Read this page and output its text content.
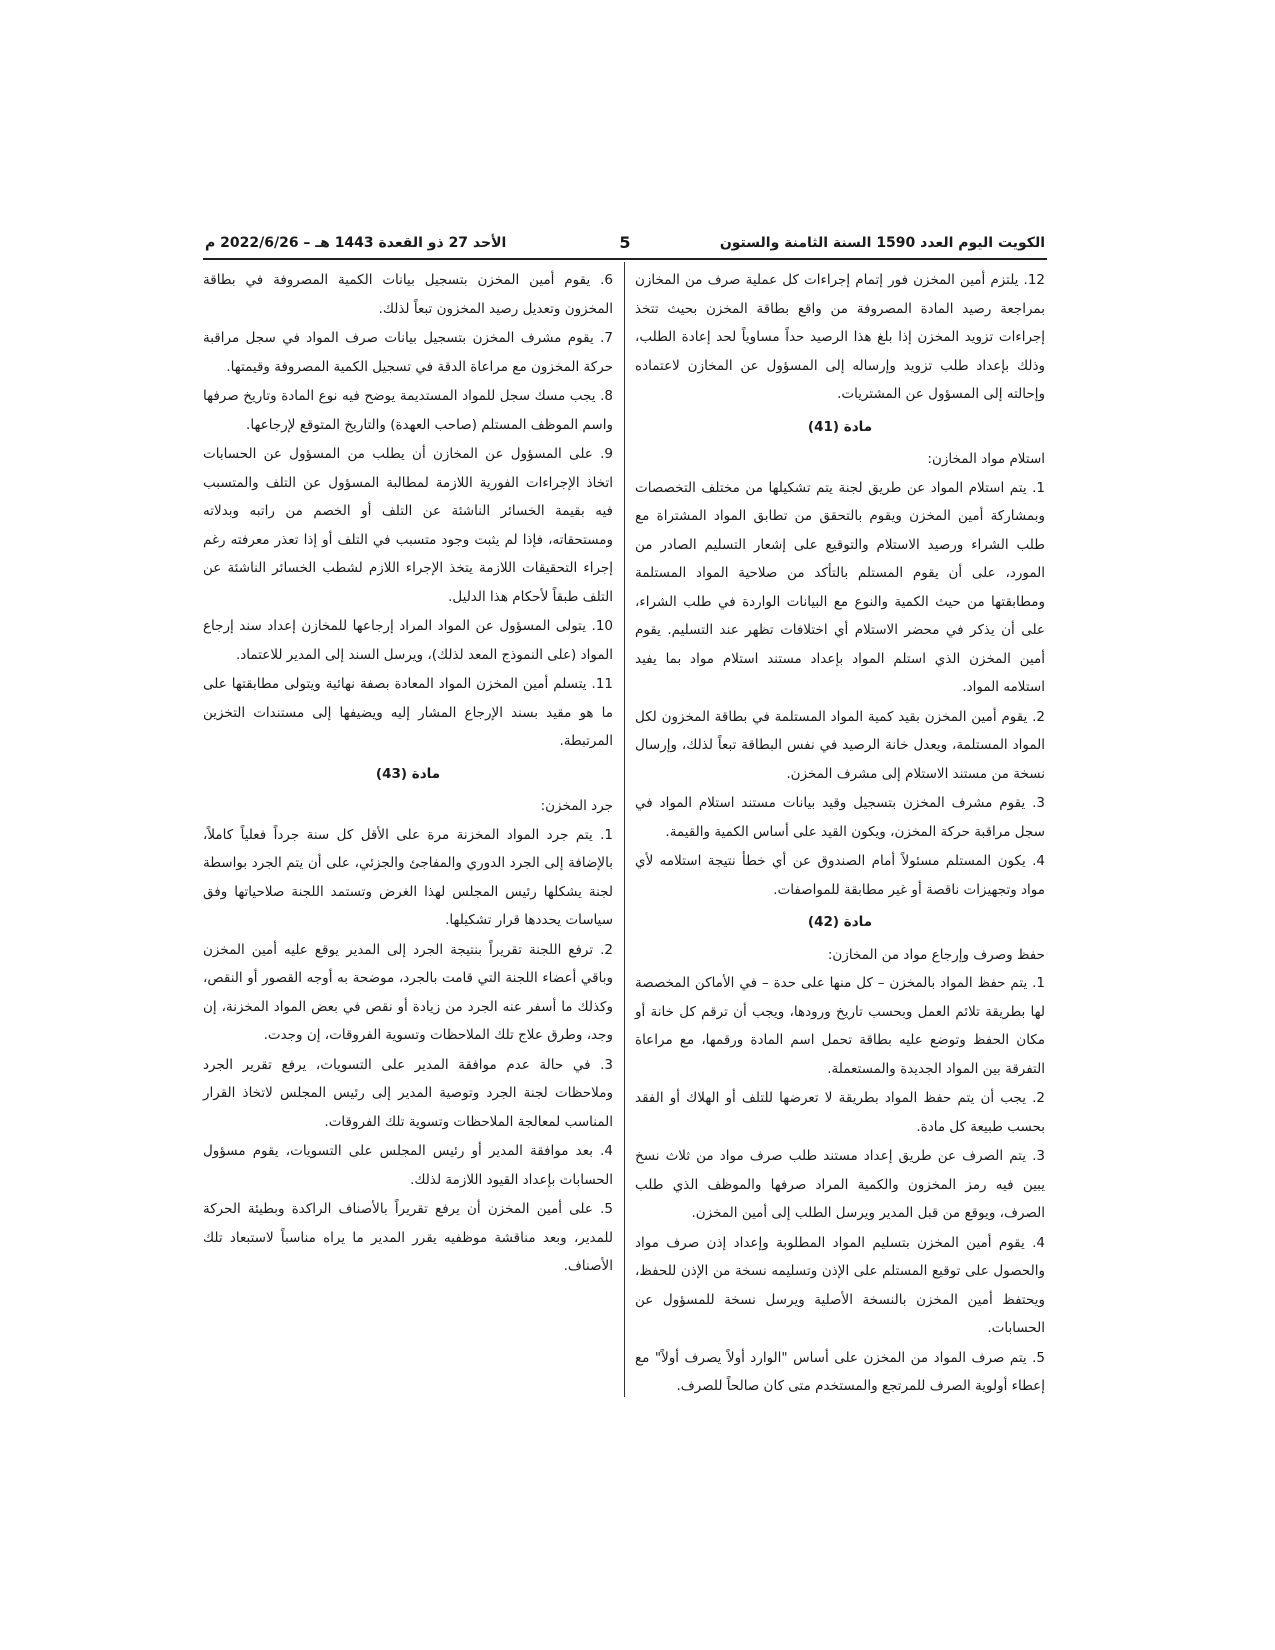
الكويت اليوم العدد 1590 السنة الثامنة والستون
5
الأحد 27 ذو القعدة 1443 هـ – 2022/6/26 م
12. يلتزم أمين المخزن فور إتمام إجراءات كل عملية صرف من المخازن بمراجعة رصيد المادة المصروفة من واقع بطاقة المخزن بحيث تتخذ إجراءات تزويد المخزن إذا بلغ هذا الرصيد حداً مساوياً لحد إعادة الطلب، وذلك بإعداد طلب تزويد وإرساله إلى المسؤول عن المخازن لاعتماده وإحالته إلى المسؤول عن المشتريات.
مادة (41)
استلام مواد المخازن:
1. يتم استلام المواد عن طريق لجنة يتم تشكيلها من مختلف التخصصات وبمشاركة أمين المخزن ويقوم بالتحقق من تطابق المواد المشتراة مع طلب الشراء ورصيد الاستلام والتوقيع على إشعار التسليم الصادر من المورد، على أن يقوم المستلم بالتأكد من صلاحية المواد المستلمة ومطابقتها من حيث الكمية والنوع مع البيانات الواردة في طلب الشراء، على أن يذكر في محضر الاستلام أي اختلافات تظهر عند التسليم. يقوم أمين المخزن الذي استلم المواد بإعداد مستند استلام مواد بما يفيد استلامه المواد.
2. يقوم أمين المخزن بقيد كمية المواد المستلمة في بطاقة المخزون لكل المواد المستلمة، ويعدل خانة الرصيد في نفس البطاقة تبعاً لذلك، وإرسال نسخة من مستند الاستلام إلى مشرف المخزن.
3. يقوم مشرف المخزن بتسجيل وقيد بيانات مستند استلام المواد في سجل مراقبة حركة المخزن، ويكون القيد على أساس الكمية والقيمة.
4. يكون المستلم مسئولاً أمام الصندوق عن أي خطأ نتيجة استلامه لأي مواد وتجهيزات ناقصة أو غير مطابقة للمواصفات.
مادة (42)
حفظ وصرف وإرجاع مواد من المخازن:
1. يتم حفظ المواد بالمخزن – كل منها على حدة – في الأماكن المخصصة لها بطريقة تلائم العمل وبحسب تاريخ ورودها، ويجب أن ترقم كل خانة أو مكان الحفظ وتوضع عليه بطاقة تحمل اسم المادة ورقمها، مع مراعاة التفرقة بين المواد الجديدة والمستعملة.
2. يجب أن يتم حفظ المواد بطريقة لا تعرضها للتلف أو الهلاك أو الفقد بحسب طبيعة كل مادة.
3. يتم الصرف عن طريق إعداد مستند طلب صرف مواد من ثلاث نسخ يبين فيه رمز المخزون والكمية المراد صرفها والموظف الذي طلب الصرف، ويوقع من قبل المدير ويرسل الطلب إلى أمين المخزن.
4. يقوم أمين المخزن بتسليم المواد المطلوبة وإعداد إذن صرف مواد والحصول على توقيع المستلم على الإذن وتسليمه نسخة من الإذن للحفظ، ويحتفظ أمين المخزن بالنسخة الأصلية ويرسل نسخة للمسؤول عن الحسابات.
5. يتم صرف المواد من المخزن على أساس "الوارد أولاً يصرف أولاً" مع إعطاء أولوية الصرف للمرتجع والمستخدم متى كان صالحاً للصرف.
6. يقوم أمين المخزن بتسجيل بيانات الكمية المصروفة في بطاقة المخزون وتعديل رصيد المخزون تبعاً لذلك.
7. يقوم مشرف المخزن بتسجيل بيانات صرف المواد في سجل مراقبة حركة المخزون مع مراعاة الدقة في تسجيل الكمية المصروفة وقيمتها.
8. يجب مسك سجل للمواد المستديمة يوضح فيه نوع المادة وتاريخ صرفها واسم الموظف المستلم (صاحب العهدة) والتاريخ المتوقع لإرجاعها.
9. على المسؤول عن المخازن أن يطلب من المسؤول عن الحسابات اتخاذ الإجراءات الفورية اللازمة لمطالبة المسؤول عن التلف والمتسبب فيه بقيمة الخسائر الناشئة عن التلف أو الخصم من راتبه وبدلاته ومستحقاته، فإذا لم يثبت وجود متسبب في التلف أو إذا تعذر معرفته رغم إجراء التحقيقات اللازمة يتخذ الإجراء اللازم لشطب الخسائر الناشئة عن التلف طبقاً لأحكام هذا الدليل.
10. يتولى المسؤول عن المواد المراد إرجاعها للمخازن إعداد سند إرجاع المواد (على النموذج المعد لذلك)، ويرسل السند إلى المدير للاعتماد.
11. يتسلم أمين المخزن المواد المعادة بصفة نهائية ويتولى مطابقتها على ما هو مقيد بسند الإرجاع المشار إليه ويضيفها إلى مستندات التخزين المرتبطة.
مادة (43)
جرد المخزن:
1. يتم جرد المواد المخزنة مرة على الأقل كل سنة جرداً فعلياً كاملاً، بالإضافة إلى الجرد الدوري والمفاجئ والجزئي، على أن يتم الجرد بواسطة لجنة يشكلها رئيس المجلس لهذا الغرض وتستمد اللجنة صلاحياتها وفق سياسات يحددها قرار تشكيلها.
2. ترفع اللجنة تقريراً بنتيجة الجرد إلى المدير يوقع عليه أمين المخزن وباقي أعضاء اللجنة التي قامت بالجرد، موضحة به أوجه القصور أو النقص، وكذلك ما أسفر عنه الجرد من زيادة أو نقص في بعض المواد المخزنة، إن وجد، وطرق علاج تلك الملاحظات وتسوية الفروقات، إن وجدت.
3. في حالة عدم موافقة المدير على التسويات، يرفع تقرير الجرد وملاحظات لجنة الجرد وتوصية المدير إلى رئيس المجلس لاتخاذ القرار المناسب لمعالجة الملاحظات وتسوية تلك الفروقات.
4. بعد موافقة المدير أو رئيس المجلس على التسويات، يقوم مسؤول الحسابات بإعداد القيود اللازمة لذلك.
5. على أمين المخزن أن يرفع تقريراً بالأصناف الراكدة وبطيئة الحركة للمدير، وبعد مناقشة موظفيه يقرر المدير ما يراه مناسباً لاستبعاد تلك الأصناف.
